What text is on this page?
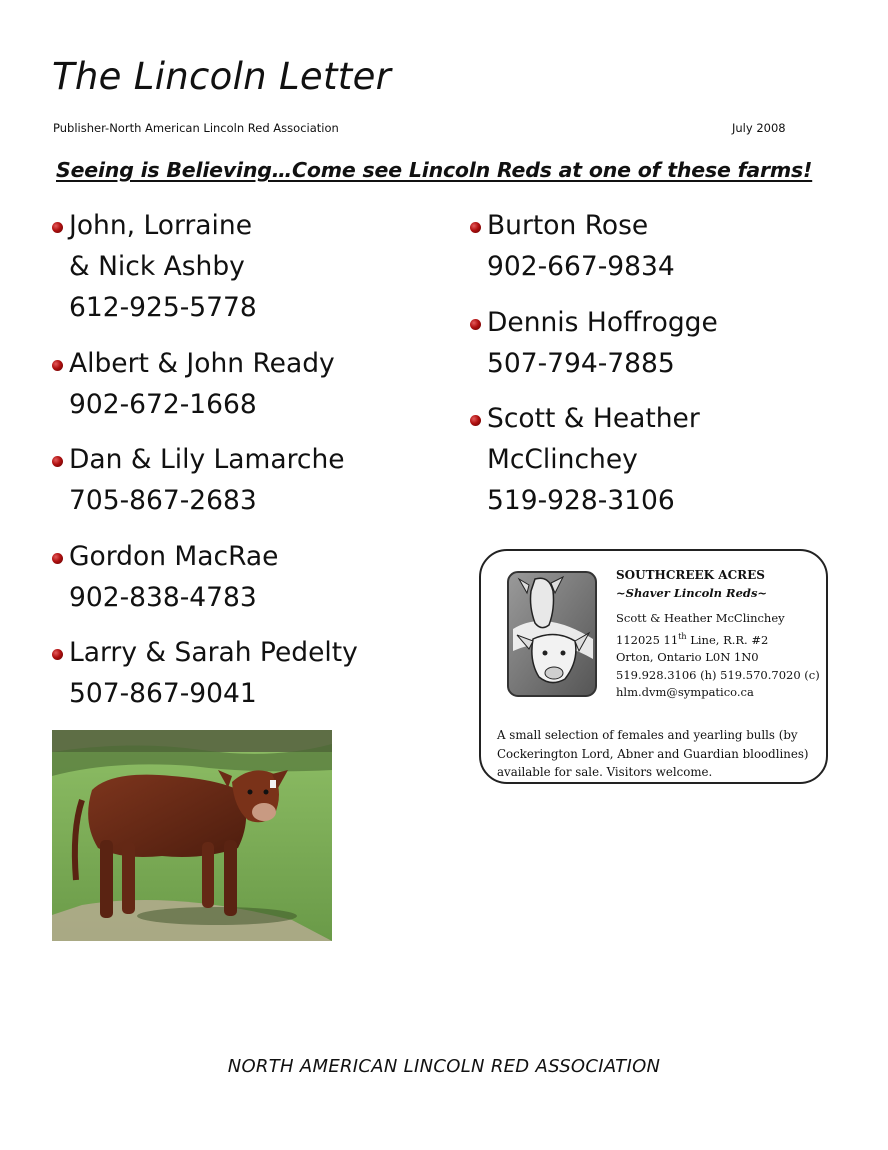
The Lincoln Letter
Publisher-North American Lincoln Red Association	July 2008
Seeing is Believing…Come see Lincoln Reds at one of these farms!
John, Lorraine
& Nick Ashby
612-925-5778
Albert & John Ready
902-672-1668
Dan & Lily Lamarche
705-867-2683
Gordon MacRae
902-838-4783
Larry & Sarah Pedelty
507-867-9041
Burton Rose
902-667-9834
Dennis Hoffrogge
507-794-7885
Scott & Heather
McClinchey
519-928-3106
SOUTHCREEK ACRES
~Shaver Lincoln Reds~
Scott & Heather McClinchey
112025 11th Line, R.R. #2
Orton, Ontario L0N 1N0
519.928.3106 (h) 519.570.7020 (c)
hlm.dvm@sympatico.ca
A small selection of females and yearling bulls (by Cockerington Lord, Abner and Guardian bloodlines) available for sale. Visitors welcome.
NORTH AMERICAN LINCOLN RED ASSOCIATION
